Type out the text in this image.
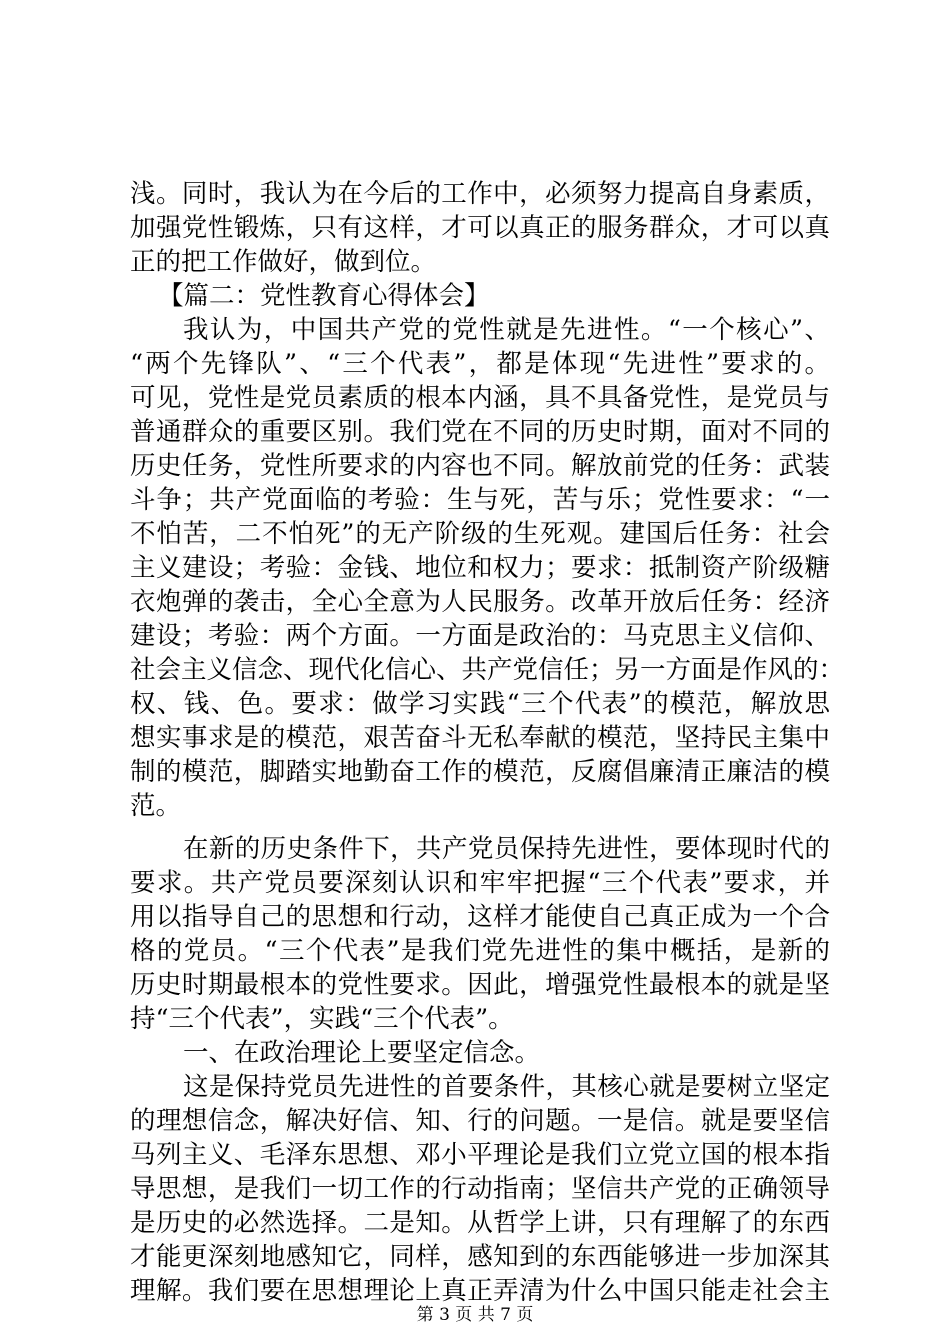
浅。同时，我认为在今后的工作中，必须努力提高自身素质，
加强党性锻炼，只有这样，才可以真正的服务群众，才可以真
正的把工作做好，做到位。
【篇二：党性教育心得体会】
我认为，中国共产党的党性就是先进性。“一个核心”、
“两个先锋队”、“三个代表”，都是体现“先进性”要求的。
可见，党性是党员素质的根本内涵，具不具备党性，是党员与
普通群众的重要区别。我们党在不同的历史时期，面对不同的
历史任务，党性所要求的内容也不同。解放前党的任务：武装
斗争；共产党面临的考验：生与死，苦与乐；党性要求：“一
不怕苦，二不怕死”的无产阶级的生死观。建国后任务：社会
主义建设；考验：金钱、地位和权力；要求：抵制资产阶级糖
衣炮弹的袭击，全心全意为人民服务。改革开放后任务：经济
建设；考验：两个方面。一方面是政治的：马克思主义信仰、
社会主义信念、现代化信心、共产党信任；另一方面是作风的：
权、钱、色。要求：做学习实践“三个代表”的模范，解放思
想实事求是的模范，艰苦奋斗无私奉献的模范，坚持民主集中
制的模范，脚踏实地勤奋工作的模范，反腐倡廉清正廉洁的模
范。
在新的历史条件下，共产党员保持先进性，要体现时代的
要求。共产党员要深刻认识和牢牢把握“三个代表”要求，并
用以指导自己的思想和行动，这样才能使自己真正成为一个合
格的党员。“三个代表”是我们党先进性的集中概括，是新的
历史时期最根本的党性要求。因此，增强党性最根本的就是坚
持“三个代表”，实践“三个代表”。
一、在政治理论上要坚定信念。
这是保持党员先进性的首要条件，其核心就是要树立坚定
的理想信念，解决好信、知、行的问题。一是信。就是要坚信
马列主义、毛泽东思想、邓小平理论是我们立党立国的根本指
导思想，是我们一切工作的行动指南；坚信共产党的正确领导
是历史的必然选择。二是知。从哲学上讲，只有理解了的东西
才能更深刻地感知它，同样，感知到的东西能够进一步加深其
理解。我们要在思想理论上真正弄清为什么中国只能走社会主
第 3 页 共 7 页
